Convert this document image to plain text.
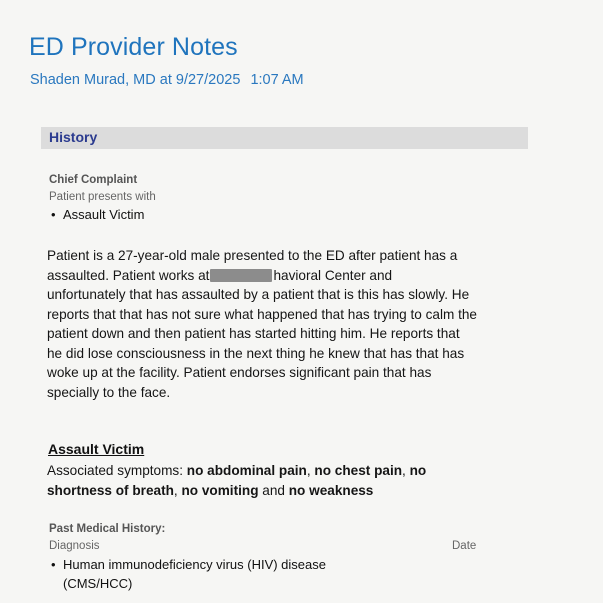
ED Provider Notes
Shaden Murad, MD at 9/27/2025 1:07 AM
History
Chief Complaint
Patient presents with
• Assault Victim
Patient is a 27-year-old male presented to the ED after patient has a
assaulted. Patient works at	havioral Center and
unfortunately that has assaulted by a patient that is this has slowly. He
reports that that has not sure what happened that has trying to calm the
patient down and then patient has started hitting him. He reports that
he did lose consciousness in the next thing he knew that has that has
woke up at the facility. Patient endorses significant pain that has
specially to the face.
Assault Victim
Associated symptoms: no abdominal pain, no chest pain, no
shortness of breath, no vomiting and no weakness
Past Medical History:
Diagnosis	Date
• Human immunodeficiency virus (HIV) disease
(CMS/HCC)
